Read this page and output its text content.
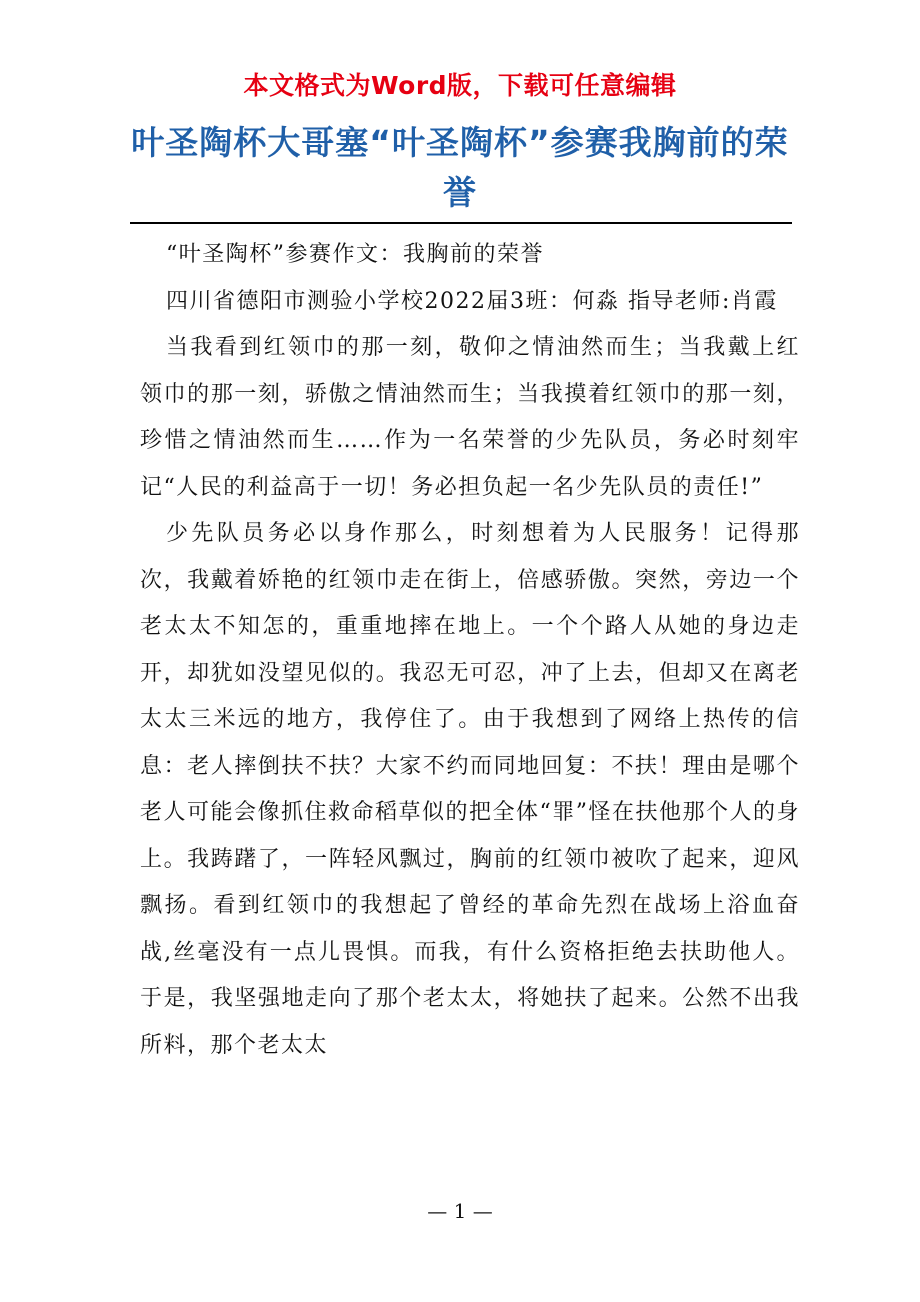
本文格式为Word版，下载可任意编辑
叶圣陶杯大哥塞“叶圣陶杯”参赛我胸前的荣誉

“叶圣陶杯”参赛作文：我胸前的荣誉

四川省德阳市测验小学校2022届3班：何淼 指导老师:肖霞

当我看到红领巾的那一刻，敬仰之情油然而生；当我戴上红领巾的那一刻，骄傲之情油然而生；当我摸着红领巾的那一刻，珍惜之情油然而生……作为一名荣誉的少先队员，务必时刻牢记“人民的利益高于一切！务必担负起一名少先队员的责任!”

少先队员务必以身作那么，时刻想着为人民服务！记得那次，我戴着娇艳的红领巾走在街上，倍感骄傲。突然，旁边一个老太太不知怎的，重重地摔在地上。一个个路人从她的身边走开，却犹如没望见似的。我忍无可忍，冲了上去，但却又在离老太太三米远的地方，我停住了。由于我想到了网络上热传的信息：老人摔倒扶不扶？大家不约而同地回复：不扶！理由是哪个老人可能会像抓住救命稻草似的把全体“罪”怪在扶他那个人的身上。我踌躇了，一阵轻风飘过，胸前的红领巾被吹了起来，迎风飘扬。看到红领巾的我想起了曾经的革命先烈在战场上浴血奋战,丝毫没有一点儿畏惧。而我，有什么资格拒绝去扶助他人。于是，我坚强地走向了那个老太太，将她扶了起来。公然不出我所料，那个老太太

— 1 —
